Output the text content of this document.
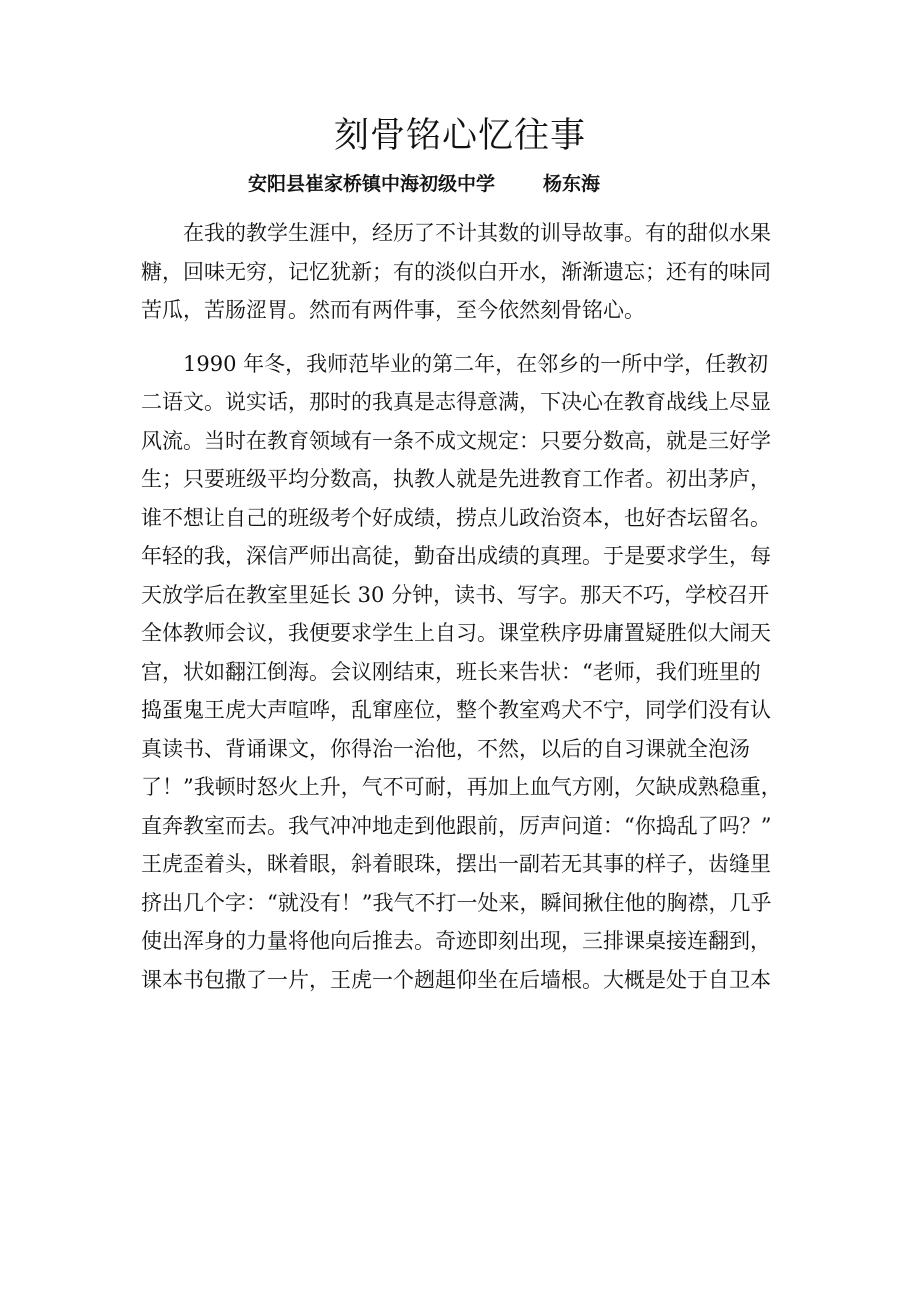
刻骨铭心忆往事
安阳县崔家桥镇中海初级中学	杨东海
在我的教学生涯中，经历了不计其数的训导故事。有的甜似水果
糖，回味无穷，记忆犹新；有的淡似白开水，渐渐遗忘；还有的味同
苦瓜，苦肠涩胃。然而有两件事，至今依然刻骨铭心。
1990 年冬，我师范毕业的第二年，在邻乡的一所中学，任教初
二语文。说实话，那时的我真是志得意满，下决心在教育战线上尽显
风流。当时在教育领域有一条不成文规定：只要分数高，就是三好学
生；只要班级平均分数高，执教人就是先进教育工作者。初出茅庐，
谁不想让自己的班级考个好成绩，捞点儿政治资本，也好杏坛留名。
年轻的我，深信严师出高徒，勤奋出成绩的真理。于是要求学生，每
天放学后在教室里延长 30 分钟，读书、写字。那天不巧，学校召开
全体教师会议，我便要求学生上自习。课堂秩序毋庸置疑胜似大闹天
宫，状如翻江倒海。会议刚结束，班长来告状：“老师，我们班里的
捣蛋鬼王虎大声喧哗，乱窜座位，整个教室鸡犬不宁，同学们没有认
真读书、背诵课文，你得治一治他，不然，以后的自习课就全泡汤
了！”我顿时怒火上升，气不可耐，再加上血气方刚，欠缺成熟稳重，
直奔教室而去。我气冲冲地走到他跟前，厉声问道：“你捣乱了吗？”
王虎歪着头，眯着眼，斜着眼珠，摆出一副若无其事的样子，齿缝里
挤出几个字：“就没有！”我气不打一处来，瞬间揪住他的胸襟，几乎
使出浑身的力量将他向后推去。奇迹即刻出现，三排课桌接连翻到，
课本书包撒了一片，王虎一个趔趄仰坐在后墙根。大概是处于自卫本
